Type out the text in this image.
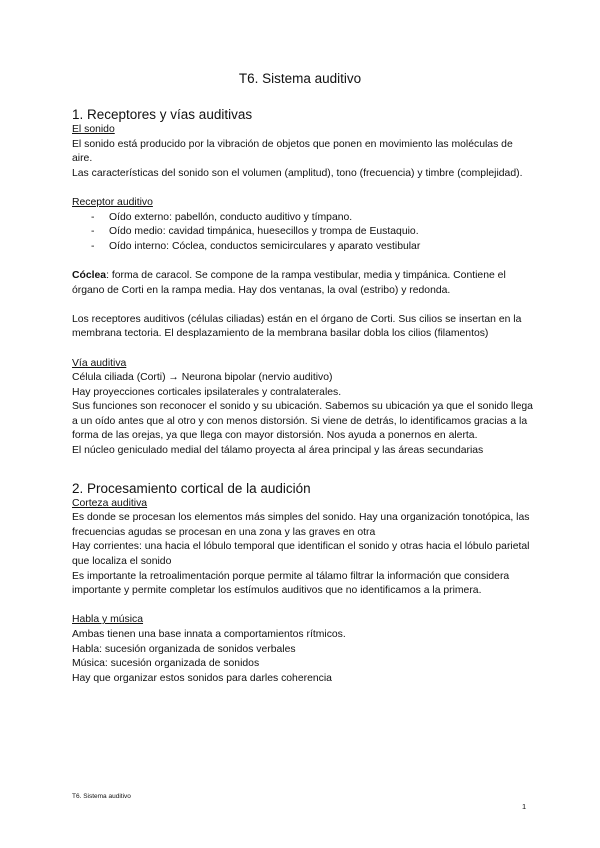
T6. Sistema auditivo
1. Receptores y vías auditivas

El sonido

El sonido está producido por la vibración de objetos que ponen en movimiento las moléculas de aire.

Las características del sonido son el volumen (amplitud), tono (frecuencia) y timbre (complejidad).

Receptor auditivo

- Oído externo: pabellón, conducto auditivo y tímpano.
- Oído medio: cavidad timpánica, huesecillos y trompa de Eustaquio.
- Oído interno: Cóclea, conductos semicirculares y aparato vestibular

Cóclea: forma de caracol. Se compone de la rampa vestibular, media y timpánica. Contiene el órgano de Corti en la rampa media. Hay dos ventanas, la oval (estribo) y redonda.

Los receptores auditivos (células ciliadas) están en el órgano de Corti. Sus cilios se insertan en la membrana tectoria. El desplazamiento de la membrana basilar dobla los cilios (filamentos)

Vía auditiva

Célula ciliada (Corti) → Neurona bipolar (nervio auditivo)

Hay proyecciones corticales ipsilaterales y contralaterales.

Sus funciones son reconocer el sonido y su ubicación. Sabemos su ubicación ya que el sonido llega a un oído antes que al otro y con menos distorsión. Si viene de detrás, lo identificamos gracias a la forma de las orejas, ya que llega con mayor distorsión. Nos ayuda a ponernos en alerta.

El núcleo geniculado medial del tálamo proyecta al área principal y las áreas secundarias

2. Procesamiento cortical de la audición

Corteza auditiva

Es donde se procesan los elementos más simples del sonido. Hay una organización tonotópica, las frecuencias agudas se procesan en una zona y las graves en otra

Hay corrientes: una hacia el lóbulo temporal que identifican el sonido y otras hacia el lóbulo parietal que localiza el sonido

Es importante la retroalimentación porque permite al tálamo filtrar la información que considera importante y permite completar los estímulos auditivos que no identificamos a la primera.

Habla y música

Ambas tienen una base innata a comportamientos rítmicos.

Habla: sucesión organizada de sonidos verbales

Música: sucesión organizada de sonidos

Hay que organizar estos sonidos para darles coherencia

T6. Sistema auditivo
1
